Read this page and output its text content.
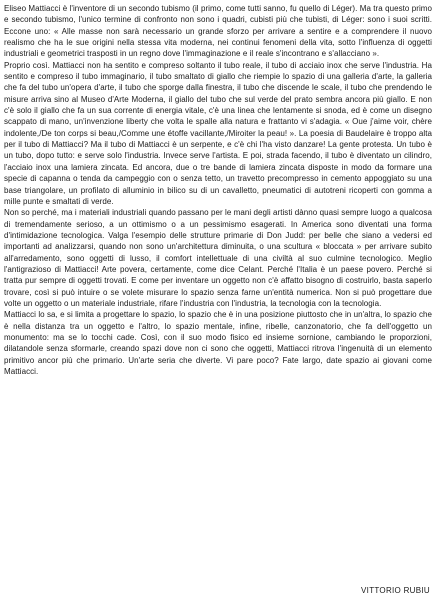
Eliseo Mattiacci è l'inventore di un secondo tubismo (il primo, come tutti sanno, fu quello di Léger). Ma tra questo primo e secondo tubismo, l'unico termine di confronto non sono i quadri, cubisti più che tubisti, di Léger: sono i suoi scritti. Eccone uno: « Alle masse non sarà necessario un grande sforzo per arrivare a sentire e a comprendere il nuovo realismo che ha le sue origini nella stessa vita moderna, nei continui fenomeni della vita, sotto l'influenza di oggetti industriali e geometrici trasposti in un regno dove l'immaginazione e il reale s'incontrano e s'allacciano ».

Proprio così. Mattiacci non ha sentito e compreso soltanto il tubo reale, il tubo di acciaio inox che serve l'industria. Ha sentito e compreso il tubo immaginario, il tubo smaltato di giallo che riempie lo spazio di una galleria d'arte, la galleria che fa del tubo un'opera d'arte, il tubo che sporge dalla finestra, il tubo che discende le scale, il tubo che prendendo le misure arriva sino al Museo d'Arte Moderna, il giallo del tubo che sul verde del prato sembra ancora più giallo. E non c'è solo il giallo che fa un sua corrente di energia vitale, c'è una linea che lentamente si snoda, ed è come un disegno scappato di mano, un'invenzione liberty che volta le spalle alla natura e frattanto vi s'adagia. « Oue j'aime voir, chère indolente,/De ton corps si beau,/Comme une étoffe vacillante,/Miroiter la peau! ». La poesia di Baudelaire è troppo alta per il tubo di Mattiacci? Ma il tubo di Mattiacci è un serpente, e c'è chi l'ha visto danzare! La gente protesta. Un tubo è un tubo, dopo tutto: e serve solo l'industria. Invece serve l'artista. E poi, strada facendo, il tubo è diventato un cilindro, l'acciaio inox una lamiera zincata. Ed ancora, due o tre bande di lamiera zincata disposte in modo da formare una specie di capanna o tenda da campeggio con o senza tetto, un travetto precompresso in cemento appoggiato su una base triangolare, un profilato di alluminio in bilico su di un cavalletto, pneumatici di autotreni ricoperti con gomma a mille punte e smaltati di verde.

Non so perché, ma i materiali industriali quando passano per le mani degli artisti dànno quasi sempre luogo a qualcosa di tremendamente serioso, a un ottimismo o a un pessimismo esagerati. In America sono diventati una forma d'intimidazione tecnologica. Valga l'esempio delle strutture primarie di Don Judd: per belle che siano a vedersi ed importanti ad analizzarsi, quando non sono un'architettura diminuita, o una scultura « bloccata » per arrivare subito all'arredamento, sono oggetti di lusso, il comfort intellettuale di una civiltà al suo culmine tecnologico. Meglio l'antigrazioso di Mattiacci! Arte povera, certamente, come dice Celant. Perché l'Italia è un paese povero. Perché si tratta pur sempre di oggetti trovati. E come per inventare un oggetto non c'è affatto bisogno di costruirlo, basta saperlo trovare, così si può intuire o se volete misurare lo spazio senza farne un'entità numerica. Non si può progettare due volte un oggetto o un materiale industriale, rifare l'industria con l'industria, la tecnologia con la tecnologia.

Mattiacci lo sa, e si limita a progettare lo spazio, lo spazio che è in una posizione piuttosto che in un'altra, lo spazio che è nella distanza tra un oggetto e l'altro, lo spazio mentale, infine, ribelle, canzonatorio, che fa dell'oggetto un monumento: ma se lo tocchi cade. Così, con il suo modo fisico ed insieme sornione, cambiando le proporzioni, dilatandole senza sformarle, creando spazi dove non ci sono che oggetti, Mattiacci ritrova l'ingenuità di un elemento primitivo ancor più che primario. Un'arte seria che diverte. Vi pare poco? Fate largo, date spazio ai giovani come Mattiacci.

VITTORIO RUBIU
